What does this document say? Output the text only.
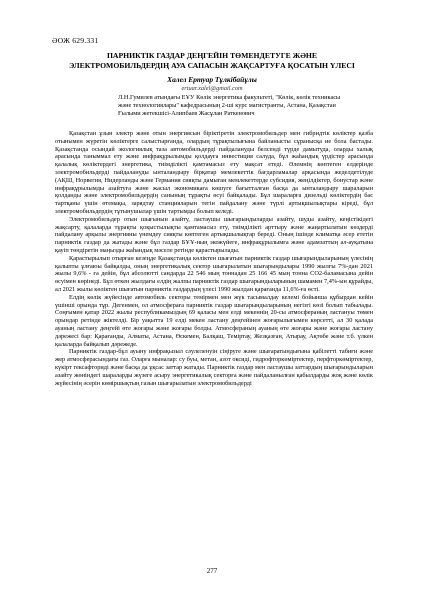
ӘОЖ 629.331
ПАРНИКТІК ГАЗДАР ДЕҢГЕЙІН ТӨМЕНДЕТУГЕ ЖӘНЕ
ЭЛЕКТРОМОБИЛЬДЕРДІҢ АУА САПАСЫН ЖАҚСАРТУҒА ҚОСАТЫН ҮЛЕСІ
Халел Ертуар Тұлкібайұлы
ertuar.xalel@gmail.com
Л.Н.Гумилев атындағы ЕҰУ Көлік энергетика факультеті, "Көлік, көлік техникасы
және технологиялары" кафедрасының 2-ші курс магистранты, Астана, Қазақстан
Ғылыми жетекшісі-Алипбаев Жасұлан Раткенович

Қазақстан ұзын электр және отын энергиясын біріктіретін электромобильдер мен гибридтік көліктер қазба отынымен жүретін көліктерге салыстырғанда, олардың тұрақтылығына байланысты сұранысқа ие бола бастады. Қазақстанда осындай экологиялық таза автомобильдерді пайдалануды белсенді түрде дамытуда, оларды халық арасында таныммал ету және инфрақұрылымды қолдауға инвестиция салуда, бұл жаһандық үрдістер арасында қалалық көліктердегі энергетика, тиімділікті қамтамасыз ету мақсат етеді. Әлемнің көптеген елдерінде электромобильдерді пайдалануды ынталандыру бірқатар мемлекеттік бағдарламалар арқасында жеделдетілуде (АҚШ, Норвегия, Нидерланды және Германия сияқты дамыған мемлекеттерде субсидия, жеңілдіктер, бонустар және инфрақұрылымды азайтуға және жасыл экономикаға көшуге бағытталған басқа да ынталандыру шараларын қолданды және электромобильдердің санының тұрақты өсуі байқалады. Бұл шараларға дизельді көліктердің бас тартқаны үшін өтемақы, зарядтау станцияларын тегін пайдалану және түрлі артықшылықтары кіреді, бұл электромобильдердің тұтынушылар үшін тартымды болып келеді.

Электромобильдер отын шығынын азайту, ластаушы шығарындыларды азайту, шуды азайту, кеңістікідегі жақсарту, қалаларда тұрақты қоқыстылықты қамтамасыз ету, тиімділікті арттыру және жаңартылатын көздерді пайдалану арқылы энергияны үнемдеу сияқты көптеген артықшылықтар береді. Оның ішінде климатқа әсер ететін парниктік газдар да жатады және бұл газдар БҰҰ-ның экожүйеге, инфрақұрылымға және адамзаттың ал-ауқатына қауіп төндіретін маңызды жаһандық мәселе ретінде қарастырылады.

Қарастырылып отырған кезеңде Қазақстанда көліктен шығатын парниктік газдар шығарындыларының үлесінің қалыпты ұлғаюы байқалды, оның энергетикалық сектор шығарылатын шығарындылары 1990 жылғы 7%-дан 2021 жылы 9,6% - ға дейін, бұл абсолютті сандарда 22 546 мың тоннадан 25 166 45 мың тонна СО2-баламасына дейін өсуімен көрінеді. Бұл өткен жылдағы елдің жалпы парниктік газдар шығарындыларының шамамен 7,4%-ын құрайды, ал 2021 жылы көліктен шығатын парниктік газдардың үлесі 1990 жылдан қарағанда 11,6%-ға өсті.

Елдің көлік жүйесінде автомобиль секторы темірмен мен жүк тасымалдау келемі бойынша құбырдан кейін үшінші орында тұр. Дегенмен, ол атмосфераға парниктік газдар шығарындыларының негізгі көзі болып табылады. Соңғымен қатар 2022 жылы республикамыздың 69 қаласы мен елді мекеннің 20-сы атмосфераның ластануы төмен орындар ретінде жіктелді. Бір уақытта 19 елді мекен ластану деңгейінен жоғарылығымен көрсетті, ал 30 қалада ауаның ластану деңгейі өте жоғары және жоғары болды. Атмосфераның ауаның өте жоғары және жоғары ластану дәрежесі бар: Қарағанды, Алматы, Астана, Өскемен, Балқаш, Теміртау, Жезқазған, Атырау, Ақтөбе және т.б. үлкен қалаларда байқалып дәрежеде.

Парниктік газдар-бұл ауыну инфрақызыл сәулеленуін сіңіруге және шығаратындығына қабілетті табиғи және жер атмосферасындағы газ. Оларға мыналар: су буы, метан, азот оксиді, гидрофторкөміртектер, перфторкөміртектер, күкірт гексафториді және басқа да ұқсас заттар жатады. Парниктік газдар мен ластаушы заттардың шығарындыларын азайту жөніндегі шараларды жүзеге асыру энергетикалық секторға және пайдаланылған қабылдарды жоқ және көлік жүйесінің әсерін көміршықтың газын шығарылатын электромобильдерді

277
